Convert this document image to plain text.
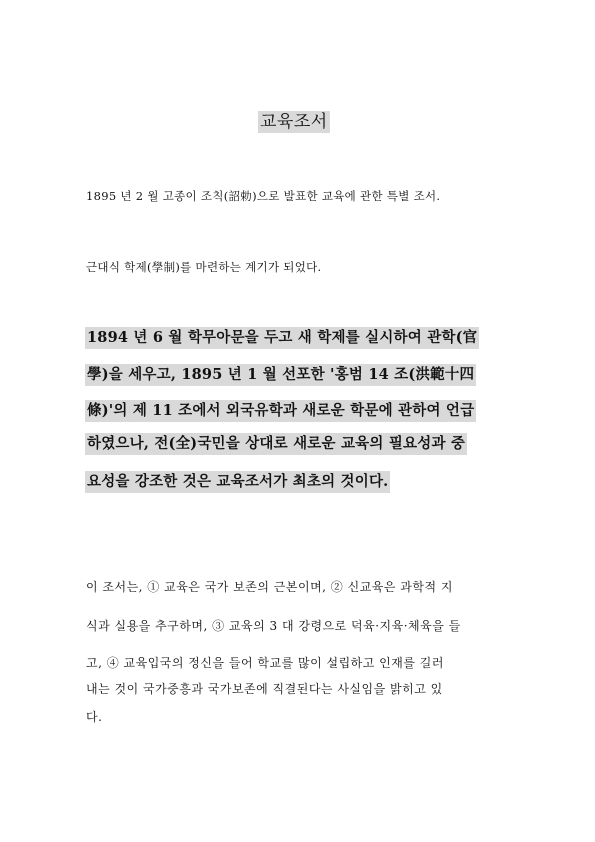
교육조서
1895 년 2 월 고종이 조칙(詔勅)으로 발표한 교육에 관한 특별 조서.
근대식 학제(學制)를 마련하는 계기가 되었다.
1894 년 6 월 학무아문을 두고 새 학제를 실시하여 관학(官
學)을 세우고, 1895 년 1 월 선포한 '홍범 14 조(洪範十四
條)'의 제 11 조에서 외국유학과 새로운 학문에 관하여 언급
하였으나, 전(全)국민을 상대로 새로운 교육의 필요성과 중
요성을 강조한 것은 교육조서가 최초의 것이다.
이 조서는, ① 교육은 국가 보존의 근본이며, ② 신교육은 과학적 지
식과 실용을 추구하며, ③ 교육의 3 대 강령으로 덕육·지육·체육을 들
고, ④ 교육입국의 정신을 들어 학교를 많이 설립하고 인재를 길러
내는 것이 국가중흥과 국가보존에 직결된다는 사실임을 밝히고 있
다.
